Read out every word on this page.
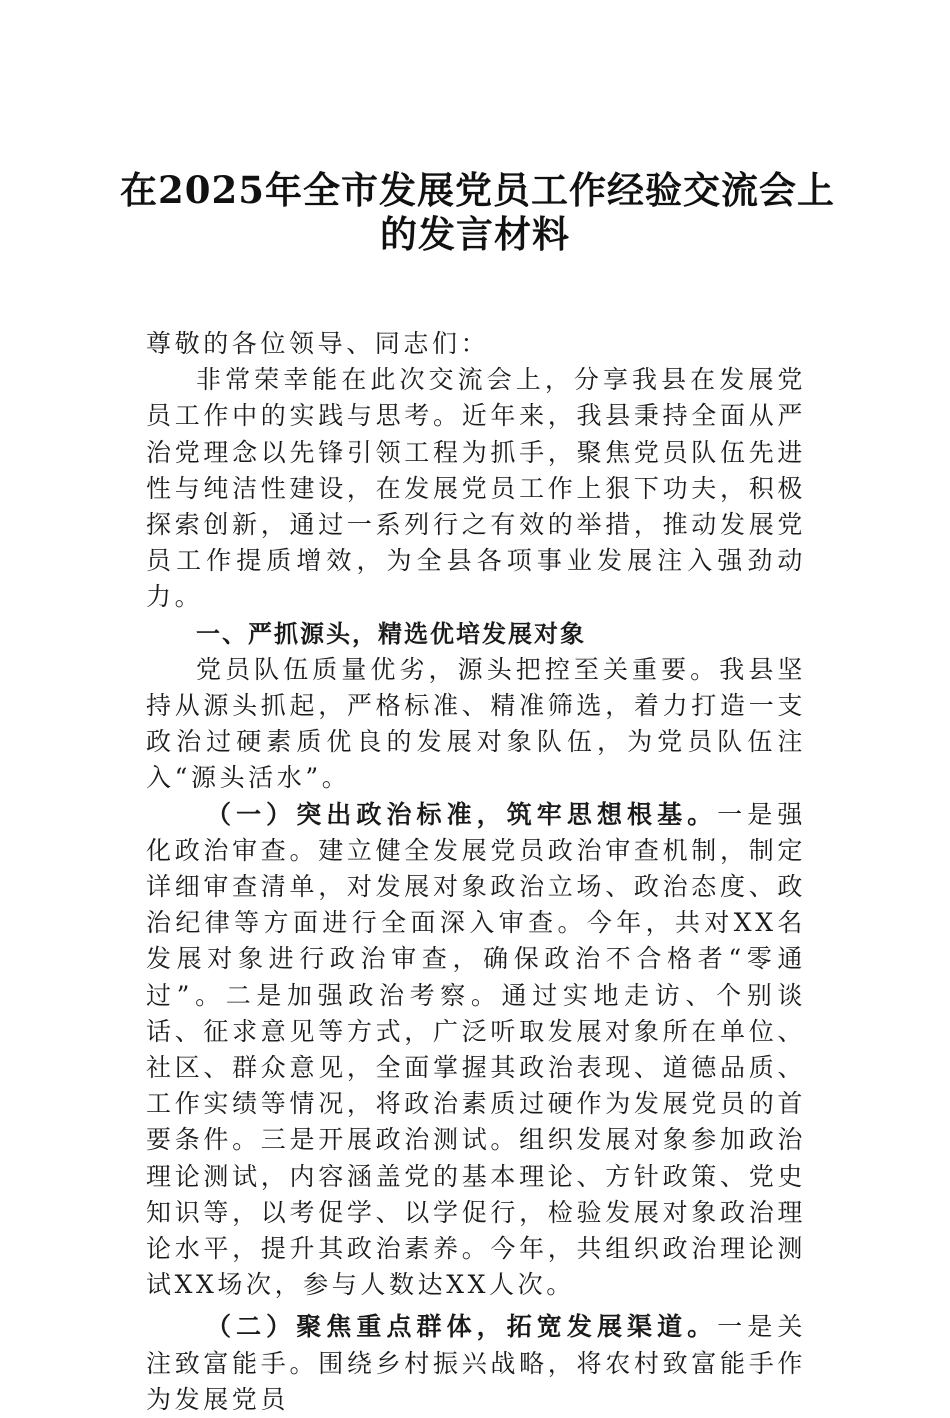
在2025年全市发展党员工作经验交流会上
的发言材料

尊敬的各位领导、同志们：

非常荣幸能在此次交流会上，分享我县在发展党员工作中的实践与思考。近年来，我县秉持全面从严治党理念以先锋引领工程为抓手，聚焦党员队伍先进性与纯洁性建设，在发展党员工作上狠下功夫，积极探索创新，通过一系列行之有效的举措，推动发展党员工作提质增效，为全县各项事业发展注入强劲动力。

一、严抓源头，精选优培发展对象

党员队伍质量优劣，源头把控至关重要。我县坚持从源头抓起，严格标准、精准筛选，着力打造一支政治过硬素质优良的发展对象队伍，为党员队伍注入“源头活水”。

（一）突出政治标准，筑牢思想根基。一是强化政治审查。建立健全发展党员政治审查机制，制定详细审查清单，对发展对象政治立场、政治态度、政治纪律等方面进行全面深入审查。今年，共对XX名发展对象进行政治审查，确保政治不合格者“零通过”。二是加强政治考察。通过实地走访、个别谈话、征求意见等方式，广泛听取发展对象所在单位、社区、群众意见，全面掌握其政治表现、道德品质、工作实绩等情况，将政治素质过硬作为发展党员的首要条件。三是开展政治测试。组织发展对象参加政治理论测试，内容涵盖党的基本理论、方针政策、党史知识等，以考促学、以学促行，检验发展对象政治理论水平，提升其政治素养。今年，共组织政治理论测试XX场次，参与人数达XX人次。

（二）聚焦重点群体，拓宽发展渠道。一是关注致富能手。围绕乡村振兴战略，将农村致富能手作为发展党员
